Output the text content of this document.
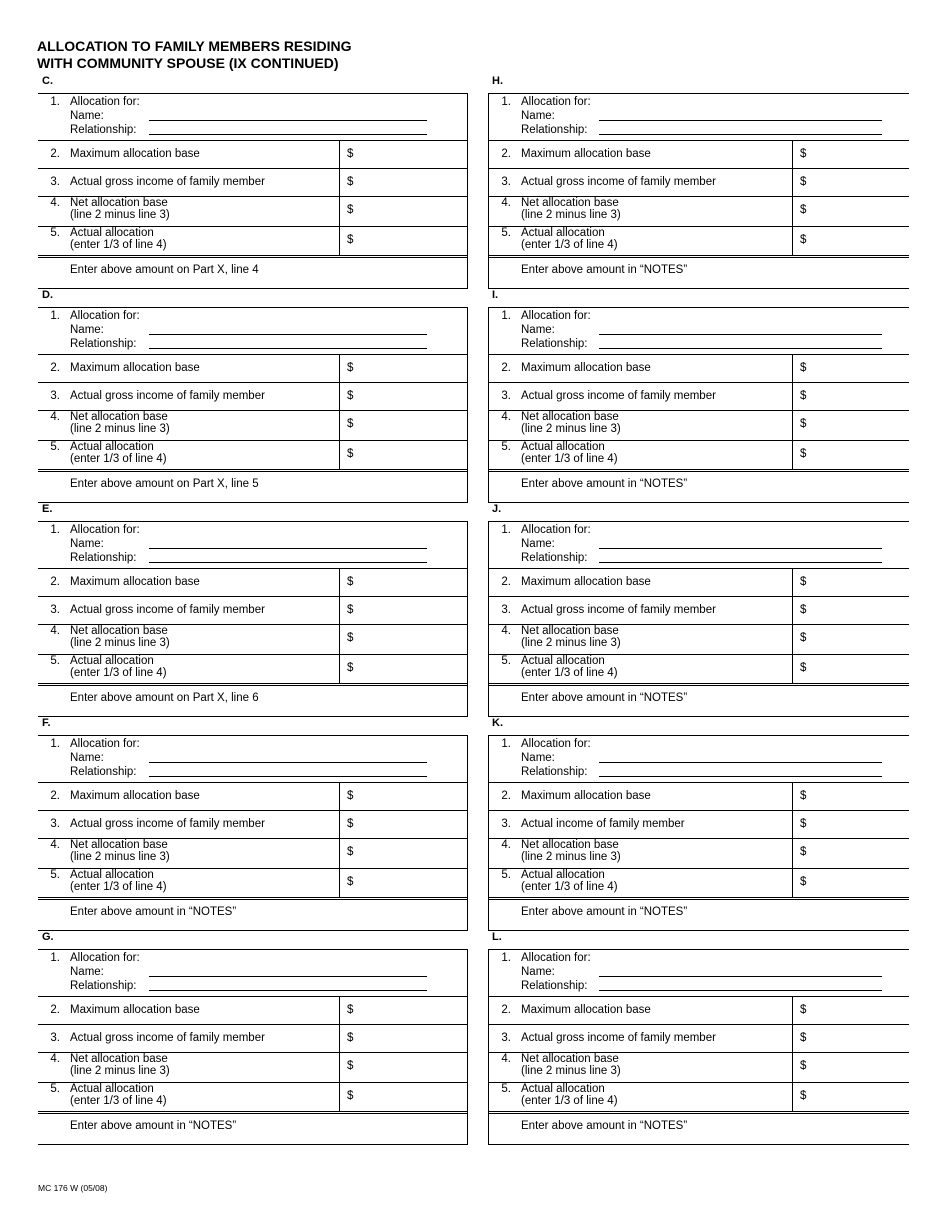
ALLOCATION TO FAMILY MEMBERS RESIDING
WITH COMMUNITY SPOUSE (IX CONTINUED)
C.
1. Allocation for:
Name:
Relationship:
2. Maximum allocation base	$
3. Actual gross income of family member	$
4. Net allocation base
(line 2 minus line 3)	$
5. Actual allocation
(enter 1/3 of line 4)	$
Enter above amount on Part X, line 4
D.
1. Allocation for:
Name:
Relationship:
2. Maximum allocation base	$
3. Actual gross income of family member	$
4. Net allocation base
(line 2 minus line 3)	$
5. Actual allocation
(enter 1/3 of line 4)	$
Enter above amount on Part X, line 5
E.
1. Allocation for:
Name:
Relationship:
2. Maximum allocation base	$
3. Actual gross income of family member	$
4. Net allocation base
(line 2 minus line 3)	$
5. Actual allocation
(enter 1/3 of line 4)	$
Enter above amount on Part X, line 6
F.
1. Allocation for:
Name:
Relationship:
2. Maximum allocation base	$
3. Actual gross income of family member	$
4. Net allocation base
(line 2 minus line 3)	$
5. Actual allocation
(enter 1/3 of line 4)	$
Enter above amount in “NOTES”
G.
1. Allocation for:
Name:
Relationship:
2. Maximum allocation base	$
3. Actual gross income of family member	$
4. Net allocation base
(line 2 minus line 3)	$
5. Actual allocation
(enter 1/3 of line 4)	$
Enter above amount in “NOTES”
H.
1. Allocation for:
Name:
Relationship:
2. Maximum allocation base	$
3. Actual gross income of family member	$
4. Net allocation base
(line 2 minus line 3)	$
5. Actual allocation
(enter 1/3 of line 4)	$
Enter above amount in “NOTES”
I.
1. Allocation for:
Name:
Relationship:
2. Maximum allocation base	$
3. Actual gross income of family member	$
4. Net allocation base
(line 2 minus line 3)	$
5. Actual allocation
(enter 1/3 of line 4)	$
Enter above amount in “NOTES”
J.
1. Allocation for:
Name:
Relationship:
2. Maximum allocation base	$
3. Actual gross income of family member	$
4. Net allocation base
(line 2 minus line 3)	$
5. Actual allocation
(enter 1/3 of line 4)	$
Enter above amount in “NOTES”
K.
1. Allocation for:
Name:
Relationship:
2. Maximum allocation base	$
3. Actual income of family member	$
4. Net allocation base
(line 2 minus line 3)	$
5. Actual allocation
(enter 1/3 of line 4)	$
Enter above amount in “NOTES”
L.
1. Allocation for:
Name:
Relationship:
2. Maximum allocation base	$
3. Actual gross income of family member	$
4. Net allocation base
(line 2 minus line 3)	$
5. Actual allocation
(enter 1/3 of line 4)	$
Enter above amount in “NOTES”
MC 176 W (05/08)
